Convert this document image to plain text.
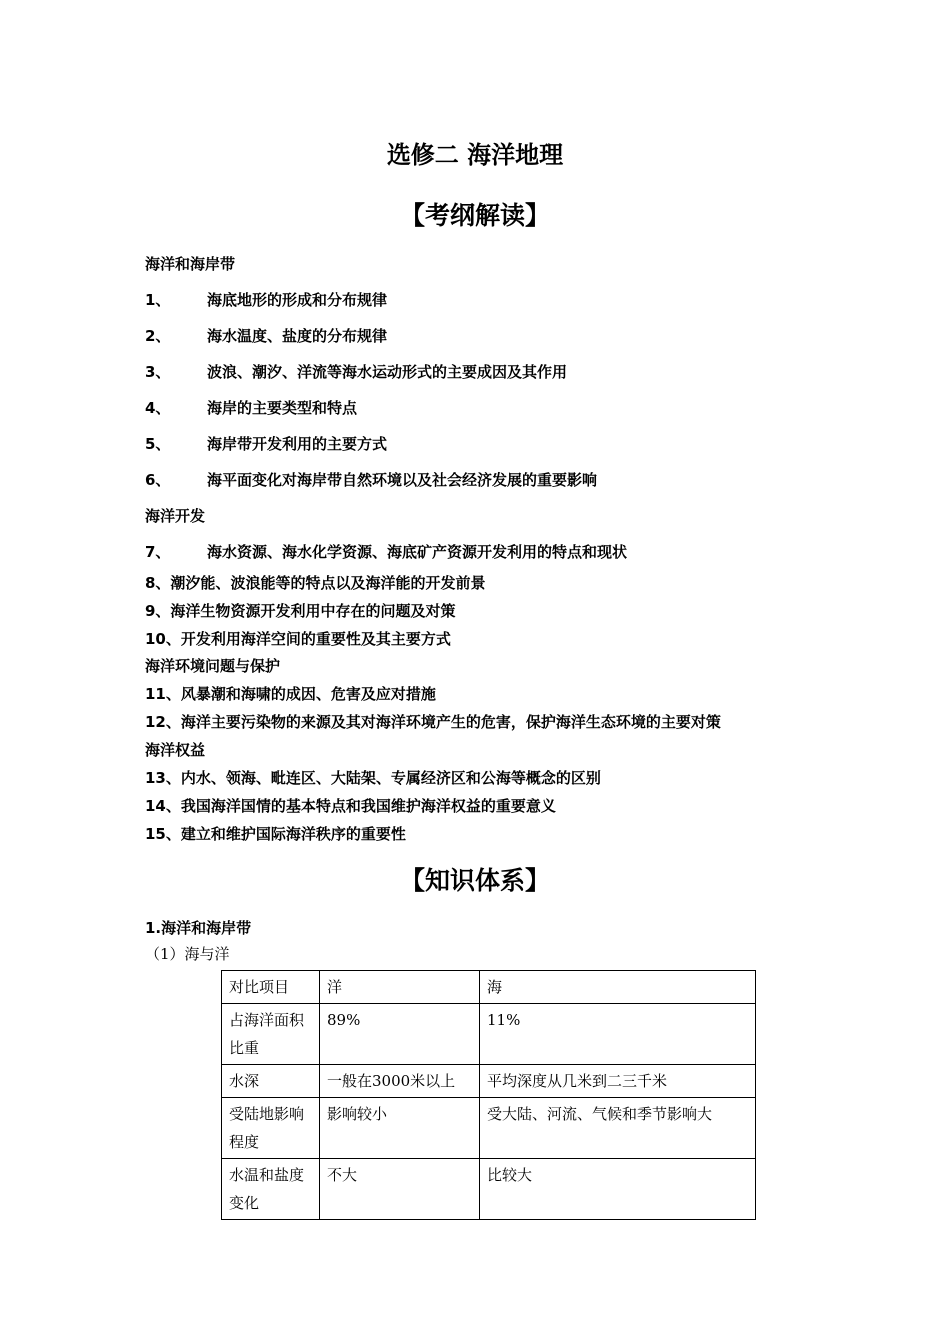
选修二 海洋地理
【考纲解读】
海洋和海岸带
1、 海底地形的形成和分布规律
2、 海水温度、盐度的分布规律
3、 波浪、潮汐、洋流等海水运动形式的主要成因及其作用
4、 海岸的主要类型和特点
5、 海岸带开发利用的主要方式
6、 海平面变化对海岸带自然环境以及社会经济发展的重要影响
海洋开发
7、 海水资源、海水化学资源、海底矿产资源开发利用的特点和现状
8、潮汐能、波浪能等的特点以及海洋能的开发前景
9、海洋生物资源开发利用中存在的问题及对策
10、开发利用海洋空间的重要性及其主要方式
海洋环境问题与保护
11、风暴潮和海啸的成因、危害及应对措施
12、海洋主要污染物的来源及其对海洋环境产生的危害，保护海洋生态环境的主要对策
海洋权益
13、内水、领海、毗连区、大陆架、专属经济区和公海等概念的区别
14、我国海洋国情的基本特点和我国维护海洋权益的重要意义
15、建立和维护国际海洋秩序的重要性
【知识体系】
1.海洋和海岸带
（1）海与洋
对比项目	洋	海
占海洋面积比重	89%	11%
水深	一般在3000米以上	平均深度从几米到二三千米
受陆地影响程度	影响较小	受大陆、河流、气候和季节影响大
水温和盐度变化	不大	比较大
